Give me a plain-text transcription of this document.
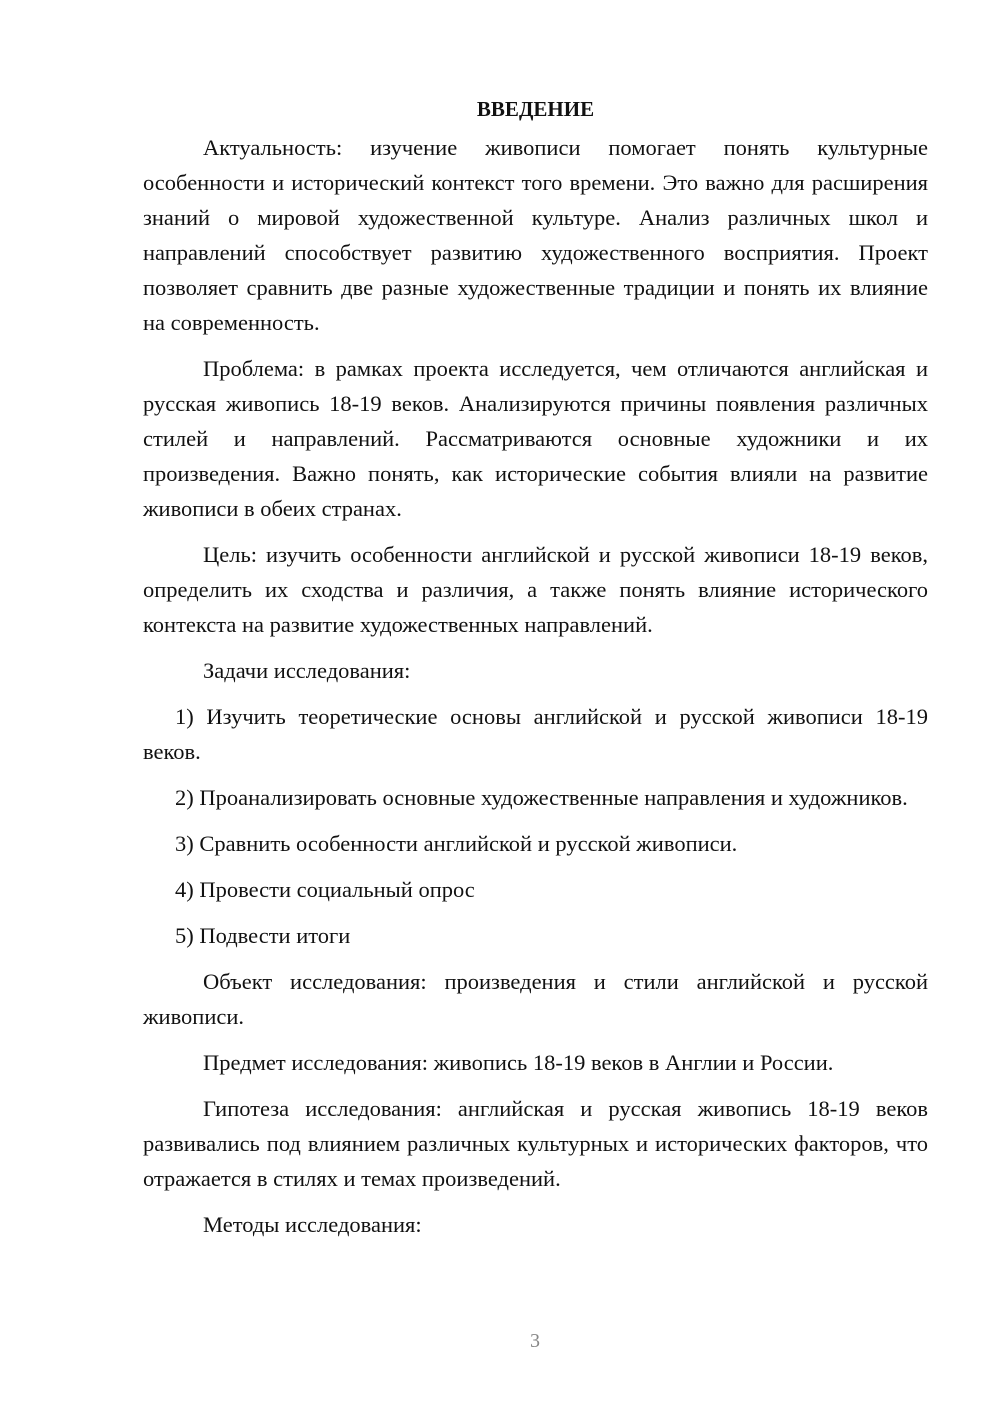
ВВЕДЕНИЕ

Актуальность: изучение живописи помогает понять культурные особенности и исторический контекст того времени. Это важно для расширения знаний о мировой художественной культуре. Анализ различных школ и направлений способствует развитию художественного восприятия. Проект позволяет сравнить две разные художественные традиции и понять их влияние на современность.

Проблема: в рамках проекта исследуется, чем отличаются английская и русская живопись 18-19 веков. Анализируются причины появления различных стилей и направлений. Рассматриваются основные художники и их произведения. Важно понять, как исторические события влияли на развитие живописи в обеих странах.

Цель: изучить особенности английской и русской живописи 18-19 веков, определить их сходства и различия, а также понять влияние исторического контекста на развитие художественных направлений.

Задачи исследования:

1) Изучить теоретические основы английской и русской живописи 18-19 веков.

2) Проанализировать основные художественные направления и художников.

3) Сравнить особенности английской и русской живописи.

4) Провести социальный опрос

5) Подвести итоги

Объект исследования: произведения и стили английской и русской живописи.

Предмет исследования: живопись 18-19 веков в Англии и России.

Гипотеза исследования: английская и русская живопись 18-19 веков развивались под влиянием различных культурных и исторических факторов, что отражается в стилях и темах произведений.

Методы исследования:

3
